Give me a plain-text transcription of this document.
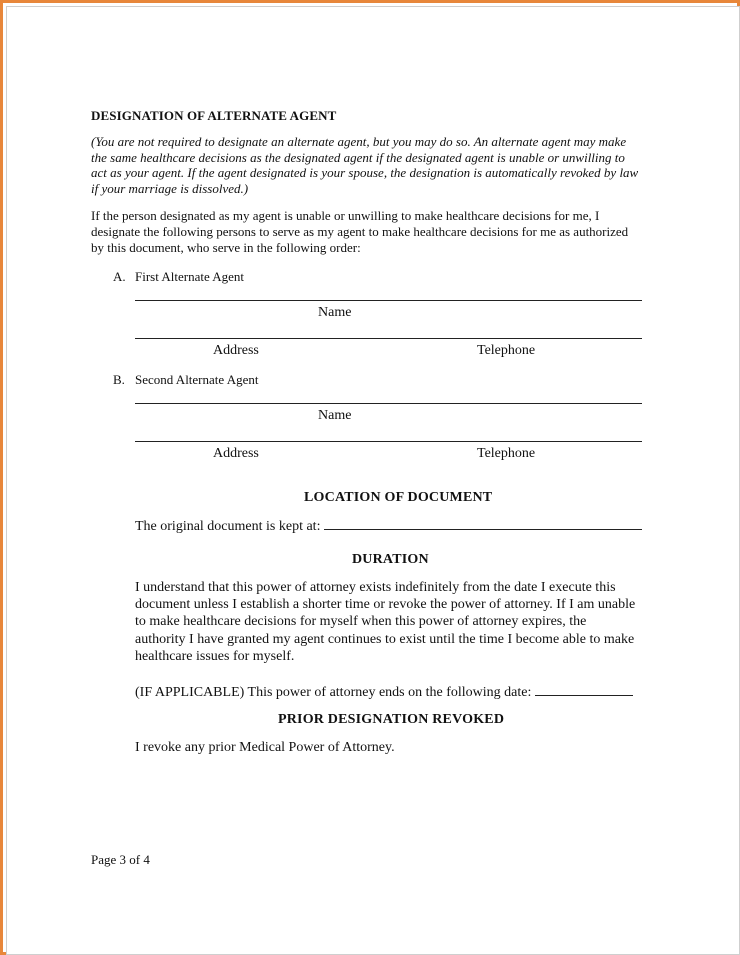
DESIGNATION OF ALTERNATE AGENT
(You are not required to designate an alternate agent, but you may do so. An alternate agent may make
the same healthcare decisions as the designated agent if the designated agent is unable or unwilling to
act as your agent. If the agent designated is your spouse, the designation is automatically revoked by law
if your marriage is dissolved.)
If the person designated as my agent is unable or unwilling to make healthcare decisions for me, I
designate the following persons to serve as my agent to make healthcare decisions for me as authorized
by this document, who serve in the following order:
A. First Alternate Agent
Name
Address	Telephone
B. Second Alternate Agent
Name
Address	Telephone
LOCATION OF DOCUMENT
The original document is kept at:
DURATION
I understand that this power of attorney exists indefinitely from the date I execute this
document unless I establish a shorter time or revoke the power of attorney. If I am unable
to make healthcare decisions for myself when this power of attorney expires, the
authority I have granted my agent continues to exist until the time I become able to make
healthcare issues for myself.
(IF APPLICABLE) This power of attorney ends on the following date:
PRIOR DESIGNATION REVOKED
I revoke any prior Medical Power of Attorney.
Page 3 of 4
